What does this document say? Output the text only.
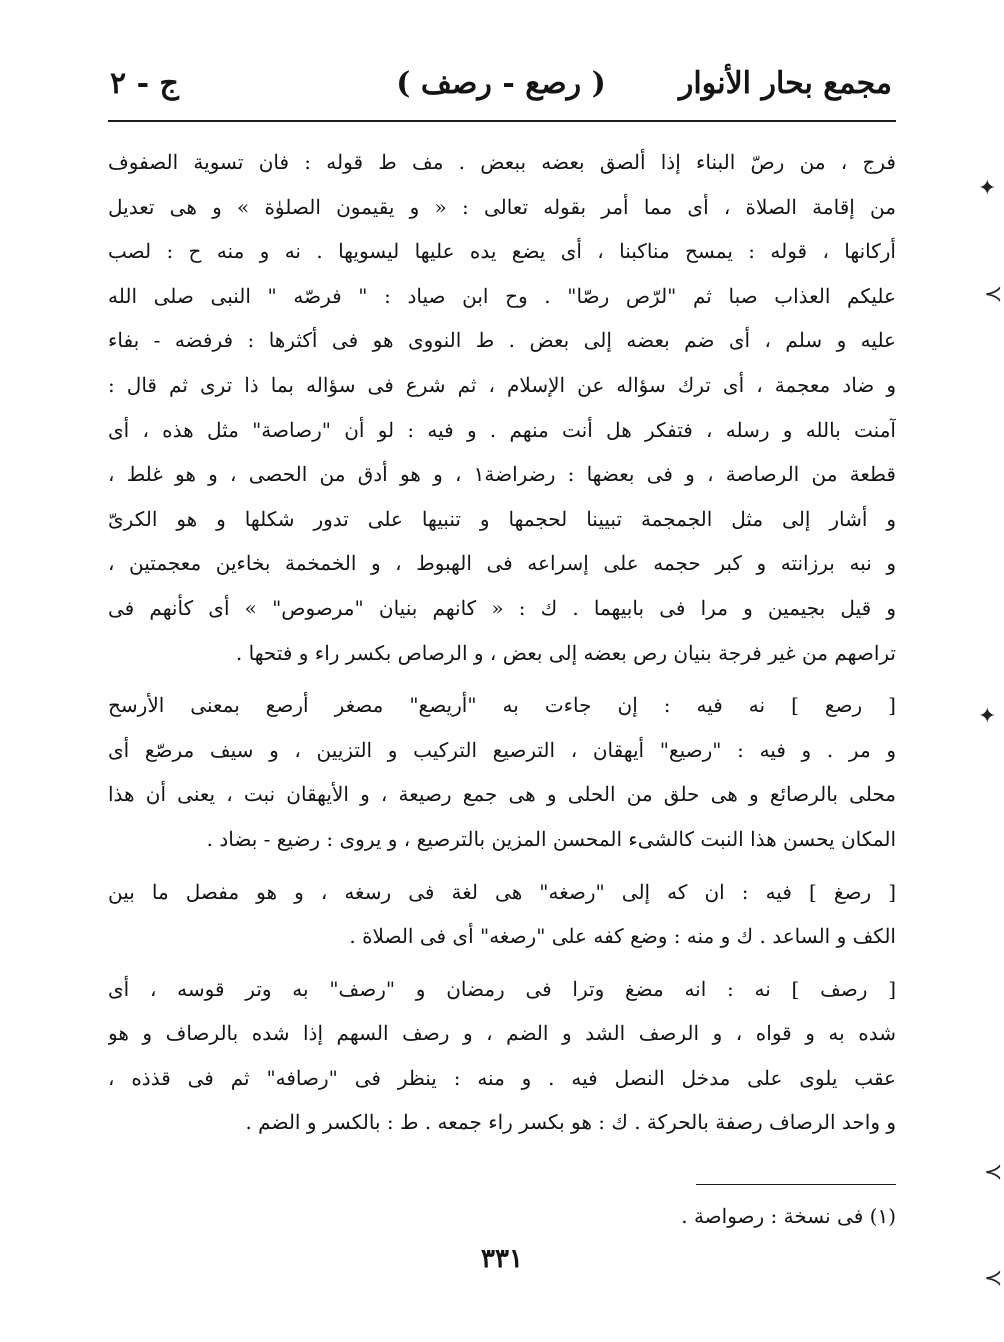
مجمع بحار الأنوار
( رصع - رصف )
ج - ٢
✦
≺
✦
≺
≺
فرج ، من رصّ البناء إذا ألصق بعضه ببعض . مف ط قوله : فان تسوية الصفوف
من إقامة الصلاة ، أى مما أمر بقوله تعالى : « و يقيمون الصلوٰة » و هى تعديل
أركانها ، قوله : يمسح مناكبنا ، أى يضع يده عليها ليسويها . نه و منه ح : لصب
عليكم العذاب صبا ثم "لرّص رصّا" . وح ابن صياد : " فرصّه " النبى صلى الله
عليه و سلم ، أى ضم بعضه إلى بعض . ط النووى هو فى أكثرها : فرفضه - بفاء
و ضاد معجمة ، أى ترك سؤاله عن الإسلام ، ثم شرع فى سؤاله بما ذا ترى ثم قال :
آمنت بالله و رسله ، فتفكر هل أنت منهم . و فيه : لو أن "رصاصة" مثل هذه ، أى
قطعة من الرصاصة ، و فى بعضها : رضراضة١ ، و هو أدق من الحصى ، و هو غلط ،
و أشار إلى مثل الجمجمة تبيينا لحجمها و تنبيها على تدور شكلها و هو الكرىّ
و نبه برزانته و كبر حجمه على إسراعه فى الهبوط ، و الخمخمة بخاءين معجمتين ،
و قيل بجيمين و مرا فى بابيهما . ك : « كانهم بنيان "مرصوص" » أى كأنهم فى
تراصهم من غير فرجة بنيان رص بعضه إلى بعض ، و الرصاص بكسر راء و فتحها .
[ رصع ] نه فيه : إن جاءت به "أريصع" مصغر أرصع بمعنى الأرسح
و مر . و فيه : "رصيع" أيهقان ، الترصيع التركيب و التزيين ، و سيف مرصّع أى
محلى بالرصائع و هى حلق من الحلى و هى جمع رصيعة ، و الأيهقان نبت ، يعنى أن هذا
المكان يحسن هذا النبت كالشىء المحسن المزين بالترصيع ، و يروى : رضيع - بضاد .
[ رصغ ] فيه : ان كه إلى "رصغه" هى لغة فى رسغه ، و هو مفصل ما بين
الكف و الساعد . ك و منه : وضع كفه على "رصغه" أى فى الصلاة .
[ رصف ] نه : انه مضغ وترا فى رمضان و "رصف" به وتر قوسه ، أى
شده به و قواه ، و الرصف الشد و الضم ، و رصف السهم إذا شده بالرصاف و هو
عقب يلوى على مدخل النصل فيه . و منه : ينظر فى "رصافه" ثم فى قذذه ،
و واحد الرصاف رصفة بالحركة . ك : هو بكسر راء جمعه . ط : بالكسر و الضم .
(١) فى نسخة : رصواصة .
٣٣١
